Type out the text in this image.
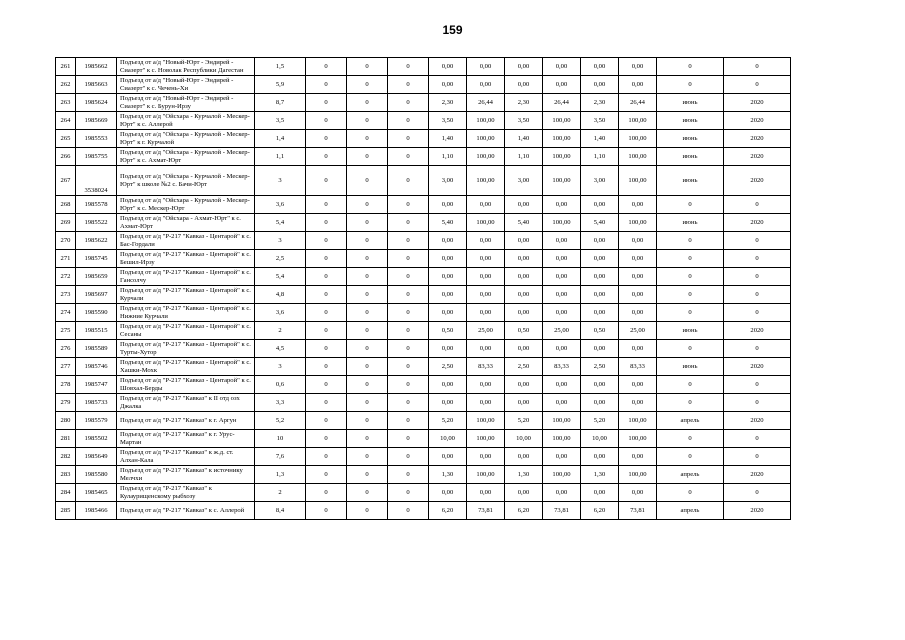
159
261	1985662	Подъезд от а/д "Новый-Юрт - Эндирей - Сиазерт" к с. Новолак Республики Дагестан	1,5	0	0	0	0,00	0,00	0,00	0,00	0,00	0,00	0	0
262	1985663	Подъезд от а/д "Новый-Юрт - Эндирей - Сиазерт" к с. Чечень-Хи	5,9	0	0	0	0,00	0,00	0,00	0,00	0,00	0,00	0	0
263	1985624	Подъезд от а/д "Новый-Юрт - Эндирей - Сиазерт" к с. Бурун-Ирзу	8,7	0	0	0	2,30	26,44	2,30	26,44	2,30	26,44	июнь	2020
264	1985669	Подъезд от а/д "Ойсхара - Курчалой - Мескер-Юрт" к с. Аллерой	3,5	0	0	0	3,50	100,00	3,50	100,00	3,50	100,00	июнь	2020
265	1985553	Подъезд от а/д "Ойсхара - Курчалой - Мескер-Юрт" к г. Курчалой	1,4	0	0	0	1,40	100,00	1,40	100,00	1,40	100,00	июнь	2020
266	1985755	Подъезд от а/д "Ойсхара - Курчалой - Мескер-Юрт" к с. Ахмат-Юрт	1,1	0	0	0	1,10	100,00	1,10	100,00	1,10	100,00	июнь	2020
267	3538024	Подъезд от а/д "Ойсхара - Курчалой - Мескер-Юрт" к школе №2 с. Бачи-Юрт	3	0	0	0	3,00	100,00	3,00	100,00	3,00	100,00	июнь	2020
268	1985578	Подъезд от а/д "Ойсхара - Курчалой - Мескер-Юрт" к с. Мескер-Юрт	3,6	0	0	0	0,00	0,00	0,00	0,00	0,00	0,00	0	0
269	1985522	Подъезд от а/д "Ойсхара - Ахмат-Юрт" к с. Ахмат-Юрт	5,4	0	0	0	5,40	100,00	5,40	100,00	5,40	100,00	июнь	2020
270	1985622	Подъезд от а/д "Р-217 "Кавказ - Центарой" к с. Бас-Гордали	3	0	0	0	0,00	0,00	0,00	0,00	0,00	0,00	0	0
271	1985745	Подъезд от а/д "Р-217 "Кавказ - Центарой" к с. Бешил-Ирзу	2,5	0	0	0	0,00	0,00	0,00	0,00	0,00	0,00	0	0
272	1985659	Подъезд от а/д "Р-217 "Кавказ - Центарой" к с. Гансолчу	5,4	0	0	0	0,00	0,00	0,00	0,00	0,00	0,00	0	0
273	1985697	Подъезд от а/д "Р-217 "Кавказ - Центарой" к с. Курчали	4,8	0	0	0	0,00	0,00	0,00	0,00	0,00	0,00	0	0
274	1985590	Подъезд от а/д "Р-217 "Кавказ - Центарой" к с. Нижние Курчали	3,6	0	0	0	0,00	0,00	0,00	0,00	0,00	0,00	0	0
275	1985515	Подъезд от а/д "Р-217 "Кавказ - Центарой" к с. Сесаны	2	0	0	0	0,50	25,00	0,50	25,00	0,50	25,00	июнь	2020
276	1985589	Подъезд от а/д "Р-217 "Кавказ - Центарой" к с. Турты-Хутор	4,5	0	0	0	0,00	0,00	0,00	0,00	0,00	0,00	0	0
277	1985746	Подъезд от а/д "Р-217 "Кавказ - Центарой" к с. Хашки-Мохк	3	0	0	0	2,50	83,33	2,50	83,33	2,50	83,33	июнь	2020
278	1985747	Подъезд от а/д "Р-217 "Кавказ - Центарой" к с. Шовхал-Берды	0,6	0	0	0	0,00	0,00	0,00	0,00	0,00	0,00	0	0
279	1985733	Подъезд от а/д "Р-217 "Кавказ" к II отд озх Джалка	3,3	0	0	0	0,00	0,00	0,00	0,00	0,00	0,00	0	0
280	1985579	Подъезд от а/д "Р-217 "Кавказ" к г. Аргун	5,2	0	0	0	5,20	100,00	5,20	100,00	5,20	100,00	апрель	2020
281	1985502	Подъезд от а/д "Р-217 "Кавказ" к г. Урус-Мартан	10	0	0	0	10,00	100,00	10,00	100,00	10,00	100,00	0	0
282	1985649	Подъезд от а/д "Р-217 "Кавказ" к ж.д. ст. Алхан-Кала	7,6	0	0	0	0,00	0,00	0,00	0,00	0,00	0,00	0	0
283	1985580	Подъезд от а/д "Р-217 "Кавказ" к источнику Мелчхи	1,3	0	0	0	1,30	100,00	1,30	100,00	1,30	100,00	апрель	2020
284	1985465	Подъезд от а/д "Р-217 "Кавказ" к Кулаурищенскому рыбхозу	2	0	0	0	0,00	0,00	0,00	0,00	0,00	0,00	0	0
285	1985466	Подъезд от а/д "Р-217 "Кавказ" к с. Аллерой	8,4	0	0	0	6,20	73,81	6,20	73,81	6,20	73,81	апрель	2020
